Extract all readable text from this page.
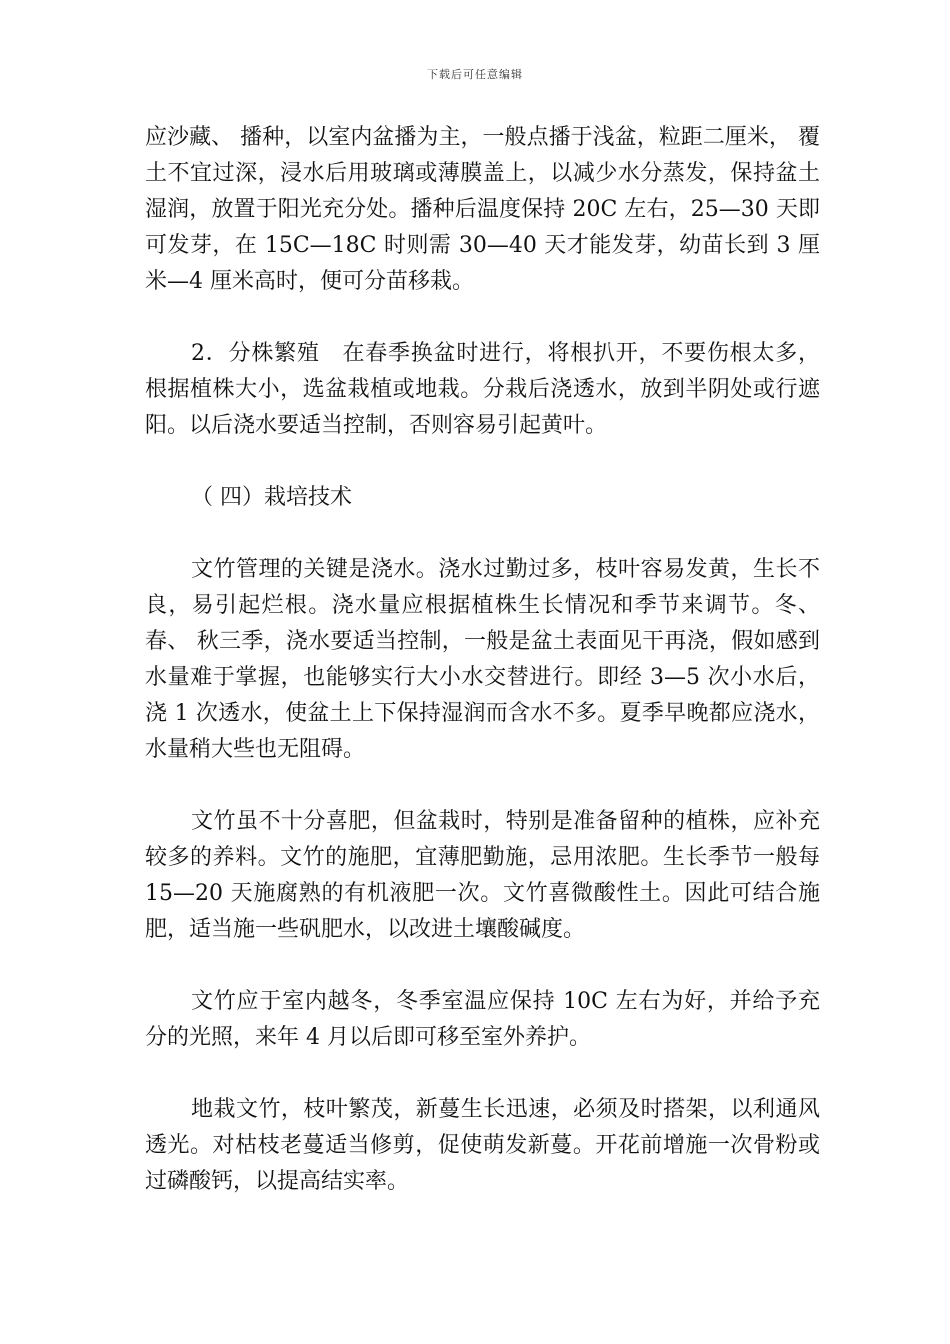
下载后可任意编辑

应沙藏、 播种，以室内盆播为主，一般点播于浅盆，粒距二厘米， 覆土不宜过深，浸水后用玻璃或薄膜盖上，以减少水分蒸发，保持盆土湿润，放置于阳光充分处。播种后温度保持 20C 左右，25—30 天即可发芽，在 15C—18C 时则需 30—40 天才能发芽，幼苗长到 3 厘米—4 厘米高时，便可分苗移栽。

2．分株繁殖　在春季换盆时进行，将根扒开，不要伤根太多，根据植株大小，选盆栽植或地栽。分栽后浇透水，放到半阴处或行遮阳。以后浇水要适当控制，否则容易引起黄叶。

（ 四）栽培技术

文竹管理的关键是浇水。浇水过勤过多，枝叶容易发黄，生长不良，易引起烂根。浇水量应根据植株生长情况和季节来调节。冬、 春、 秋三季，浇水要适当控制，一般是盆土表面见干再浇，假如感到水量难于掌握，也能够实行大小水交替进行。即经 3—5 次小水后，浇 1 次透水，使盆土上下保持湿润而含水不多。夏季早晚都应浇水，水量稍大些也无阻碍。

文竹虽不十分喜肥，但盆栽时，特别是准备留种的植株，应补充较多的养料。文竹的施肥，宜薄肥勤施，忌用浓肥。生长季节一般每 15—20 天施腐熟的有机液肥一次。文竹喜微酸性土。因此可结合施肥，适当施一些矾肥水，以改进土壤酸碱度。

文竹应于室内越冬，冬季室温应保持 10C 左右为好，并给予充分的光照，来年 4 月以后即可移至室外养护。

地栽文竹，枝叶繁茂，新蔓生长迅速，必须及时搭架，以利通风透光。对枯枝老蔓适当修剪，促使萌发新蔓。开花前增施一次骨粉或过磷酸钙，以提高结实率。
